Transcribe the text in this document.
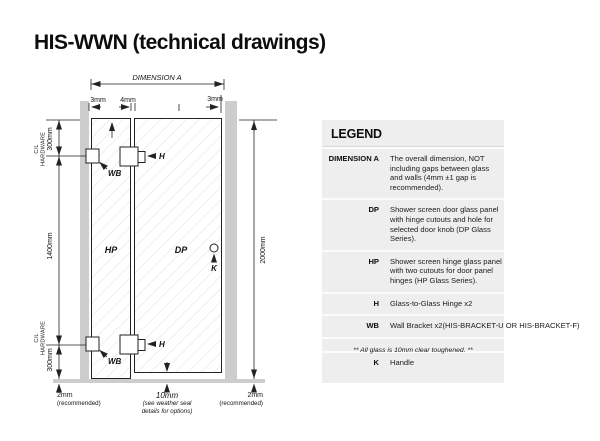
HIS-WWN (technical drawings)
DIMENSION A
3mm 4mm	3mm
300mm
C/L HARDWARE
1400mm
C/L HARDWARE
300mm
2000mm
H
H
WB
WB
HP	DP
K
2mm
(recommended)
10mm
(see weather seal
details for options)
2mm
(recommended)
LEGEND
DIMENSION A The overall dimension, NOT including gaps between glass and walls (4mm ±1 gap is recommended).
DP Shower screen door glass panel with hinge cutouts and hole for selected door knob (DP Glass Series).
HP Shower screen hinge glass panel with two cutouts for door panel hinges (HP Glass Series).
H Glass-to-Glass Hinge x2
WB Wall Bracket x2(HIS-BRACKET-U OR HIS-BRACKET-F)
K Handle
** All glass is 10mm clear toughened. **
